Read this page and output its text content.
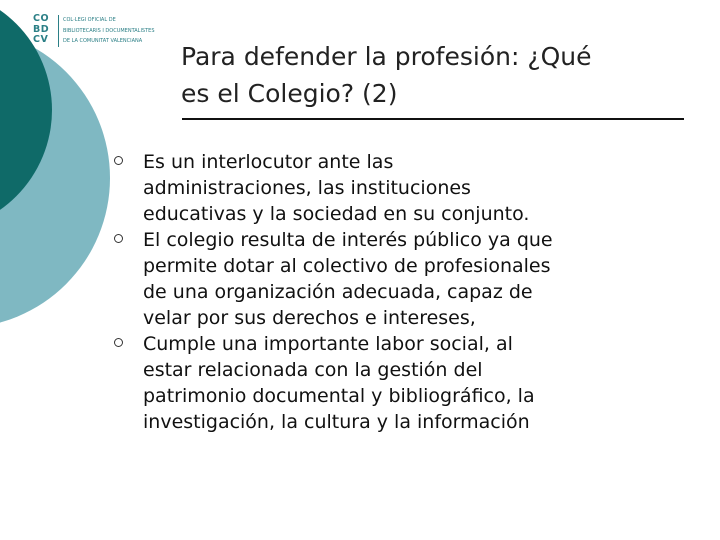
CO
BD
CV
COL·LEGI OFICIAL DE
BIBLIOTECARIS I DOCUMENTALISTES
DE LA COMUNITAT VALENCIANA
Para defender la profesión: ¿Qué
es el Colegio? (2)
Es un interlocutor ante las
administraciones, las instituciones
educativas y la sociedad en su conjunto.
El colegio resulta de interés público ya que
permite dotar al colectivo de profesionales
de una organización adecuada, capaz de
velar por sus derechos e intereses,
Cumple una importante labor social, al
estar relacionada con la gestión del
patrimonio documental y bibliográfico, la
investigación, la cultura y la información
